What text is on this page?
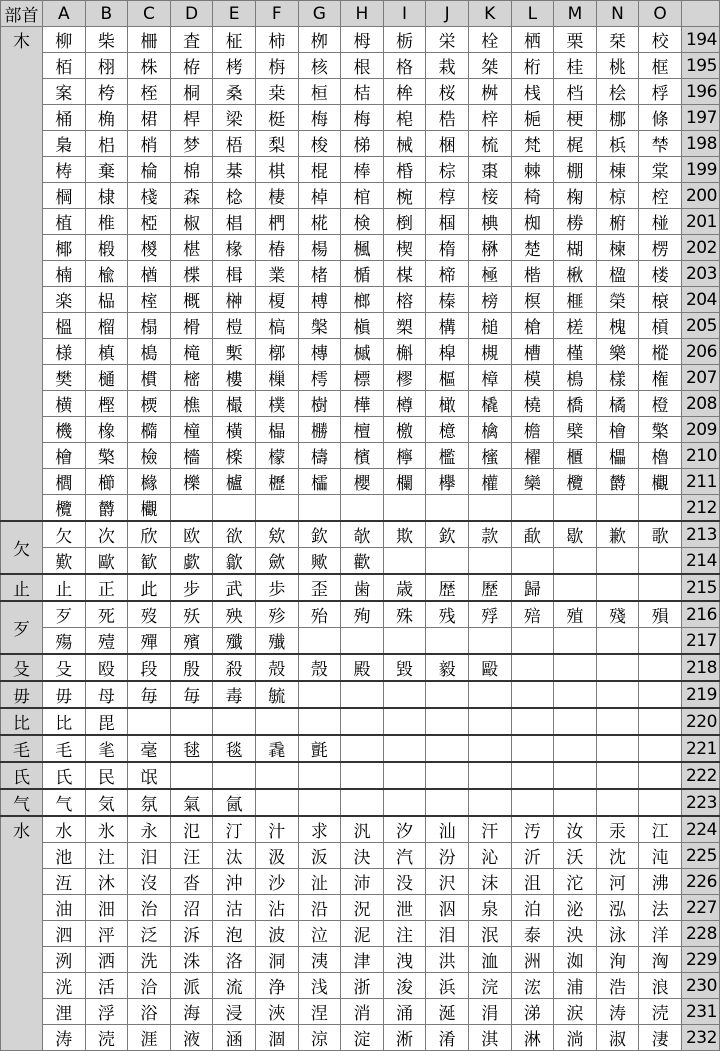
部首	A	B	C	D	E	F	G	H	I	J	K	L	M	N	O	
木	柳	柴	柵	査	柾	柿	栁	栂	栃	栄	栓	栖	栗	栞	校	194
	栢	栩	株	栫	栲	栴	核	根	格	栽	桀	桁	桂	桃	框	195
	案	桍	桎	桐	桑	桒	桓	桔	桙	桜	桝	桟	档	桧	桴	196
	桶	桷	桾	桿	梁	梃	梅	梅	梍	梏	梓	梔	梗	梛	條	197
	梟	梠	梢	梦	梧	梨	梭	梯	械	梱	梳	梵	梶	梹	梺	198
	梼	棄	棆	棉	棊	棋	棍	棒	棔	棕	棗	棘	棚	棟	棠	199
	棡	棣	棧	森	棯	棲	棹	棺	椀	椁	椄	椅	椈	椋	椌	200
	植	椎	椏	椒	椙	椚	椛	検	椡	椢	椣	椥	椦	椨	椪	201
	椰	椴	椶	椹	椽	椿	楊	楓	楔	楕	楙	楚	楜	楝	楞	202
	楠	楡	楢	楪	楫	業	楮	楯	楳	楴	極	楷	楸	楹	楼	203
	楽	榀	榁	概	榊	榎	榑	榔	榕	榛	榜	榠	榧	榮	榱	204
	榲	榴	榻	榾	榿	槁	槃	槇	槊	構	槌	槍	槎	槐	槓	205
	様	槙	槝	槞	槧	槨	槫	槭	槲	槹	槻	槽	槿	樂	樅	206
	樊	樋	樌	樒	樓	樔	樗	標	樛	樞	樟	模	樢	樣	権	207
	横	樫	樮	樵	樶	樸	樹	樺	樽	橄	橇	橈	橋	橘	橙	208
	機	橡	橢	橦	橫	橸	橳	檀	檄	檍	檎	檐	檗	檜	檠	209
	檜	檠	檢	檣	檪	檬	檮	檳	檸	檻	櫁	櫂	櫃	櫑	櫓	210
	櫚	櫛	櫞	櫟	櫨	櫪	櫺	櫻	欄	欅	權	欒	欖	欝	欟	211
	欖	欝	欟													212
欠	欠	次	欣	欧	欲	欸	欽	欹	欺	欽	款	歃	歇	歉	歌	213
	歎	歐	歓	歔	歙	歛	歟	歡								214
止	止	正	此	步	武	歩	歪	歯	歳	歴	歷	歸				215
歹	歹	死	歿	殀	殃	殄	殆	殉	殊	残	殍	殕	殖	殘	殞	216
	殤	殪	殫	殯	殲	殱										217
殳	殳	殴	段	殷	殺	殻	殼	殿	毀	毅	毆					218
毋	毋	母	毎	毎	毒	毓										219
比	比	毘														220
毛	毛	毟	毫	毬	毯	毳	氈									221
氏	氏	民	氓													222
气	气	気	氛	氣	氤											223
水	水	氷	永	氾	汀	汁	求	汎	汐	汕	汗	汚	汝	汞	江	224
	池	汢	汨	汪	汰	汲	汳	決	汽	汾	沁	沂	沃	沈	沌	225
	沍	沐	沒	沓	沖	沙	沚	沛	没	沢	沫	沮	沱	河	沸	226
	油	沺	治	沼	沽	沾	沿	況	泄	泅	泉	泊	泌	泓	法	227
	泗	泙	泛	泝	泡	波	泣	泥	注	泪	泯	泰	泱	泳	洋	228
	洌	洒	洗	洙	洛	洞	洟	津	洩	洪	洫	洲	洳	洵	洶	229
	洸	活	洽	派	流	浄	浅	浙	浚	浜	浣	浤	浦	浩	浪	230
	浬	浮	浴	海	浸	浹	涅	消	涌	涎	涓	涕	涙	涛	涜	231
	涛	涜	涯	液	涵	涸	涼	淀	淅	淆	淇	淋	淌	淑	淒	232
